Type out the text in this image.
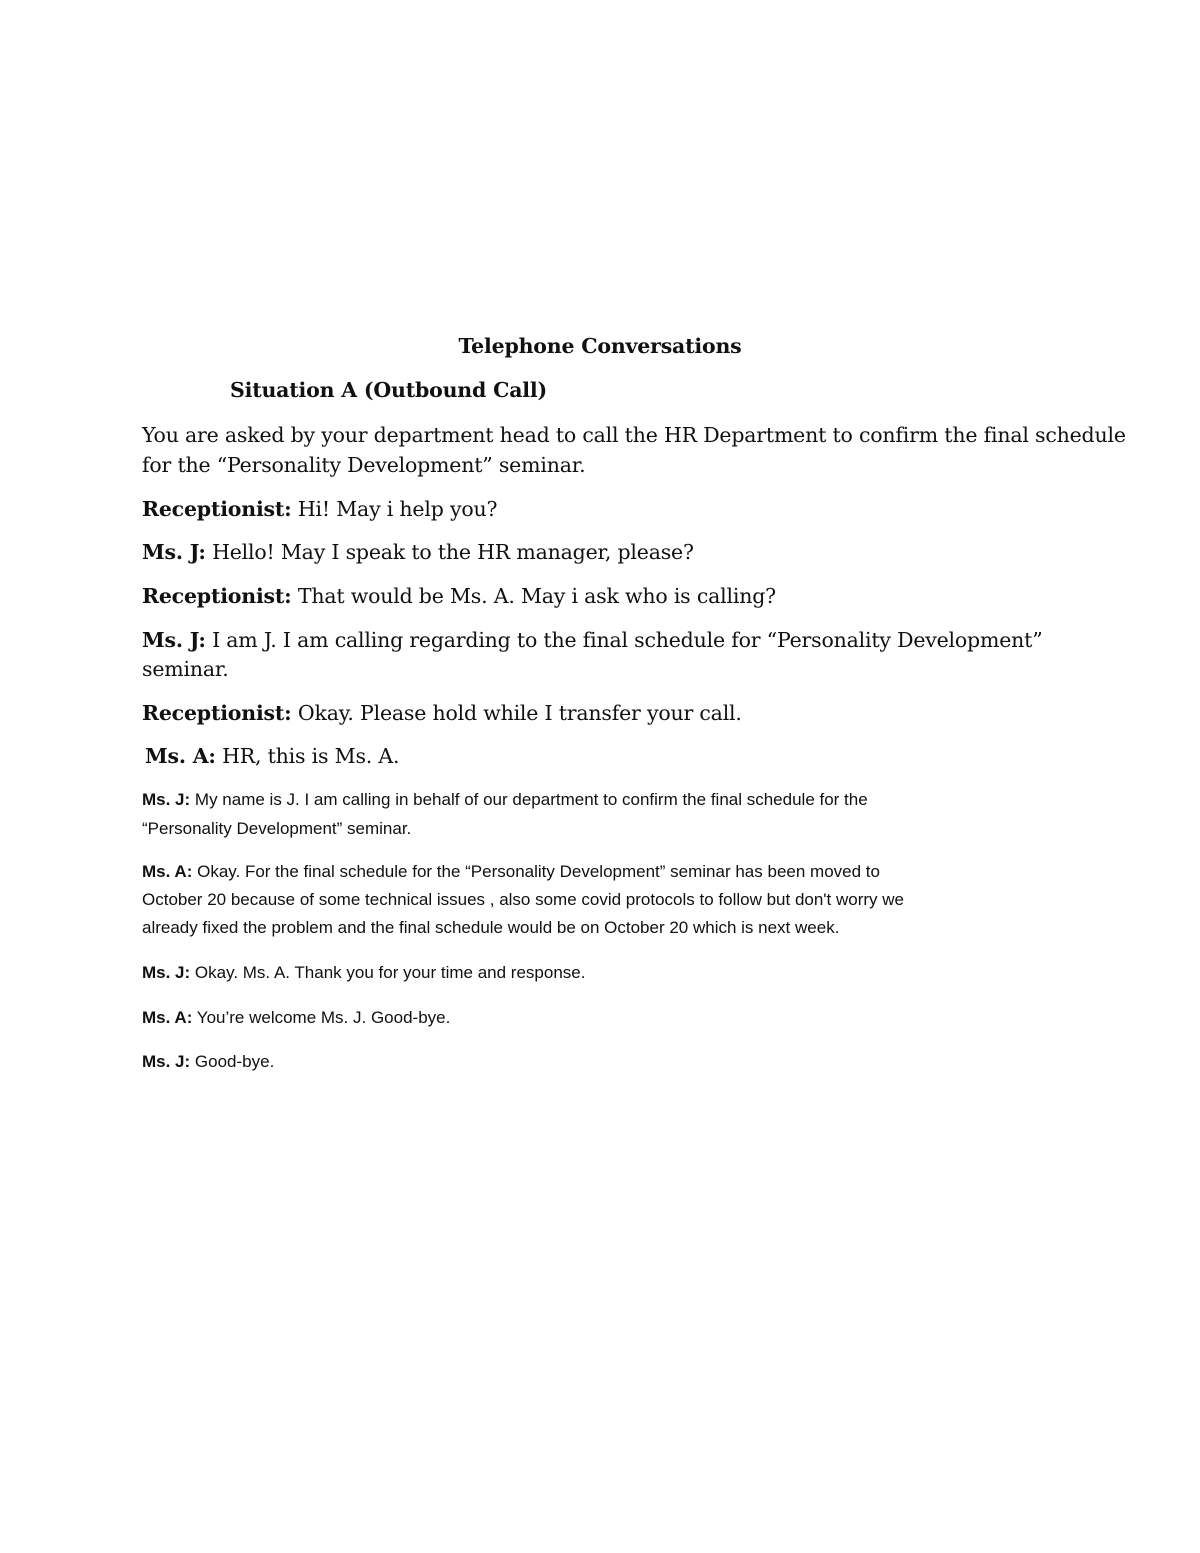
Telephone Conversations
Situation A (Outbound Call)
You are asked by your department head to call the HR Department to confirm the final schedule
for the “Personality Development” seminar.
Receptionist: Hi! May i help you?
Ms. J: Hello! May I speak to the HR manager, please?
Receptionist: That would be Ms. A. May i ask who is calling?
Ms. J: I am J. I am calling regarding to the final schedule for “Personality Development”
seminar.
Receptionist: Okay. Please hold while I transfer your call.
Ms. A: HR, this is Ms. A.
Ms. J: My name is J. I am calling in behalf of our department to confirm the final schedule for the
“Personality Development” seminar.
Ms. A: Okay. For the final schedule for the “Personality Development” seminar has been moved to
October 20 because of some technical issues , also some covid protocols to follow but don't worry we
already fixed the problem and the final schedule would be on October 20 which is next week.
Ms. J: Okay. Ms. A. Thank you for your time and response.
Ms. A: You’re welcome Ms. J. Good-bye.
Ms. J: Good-bye.
